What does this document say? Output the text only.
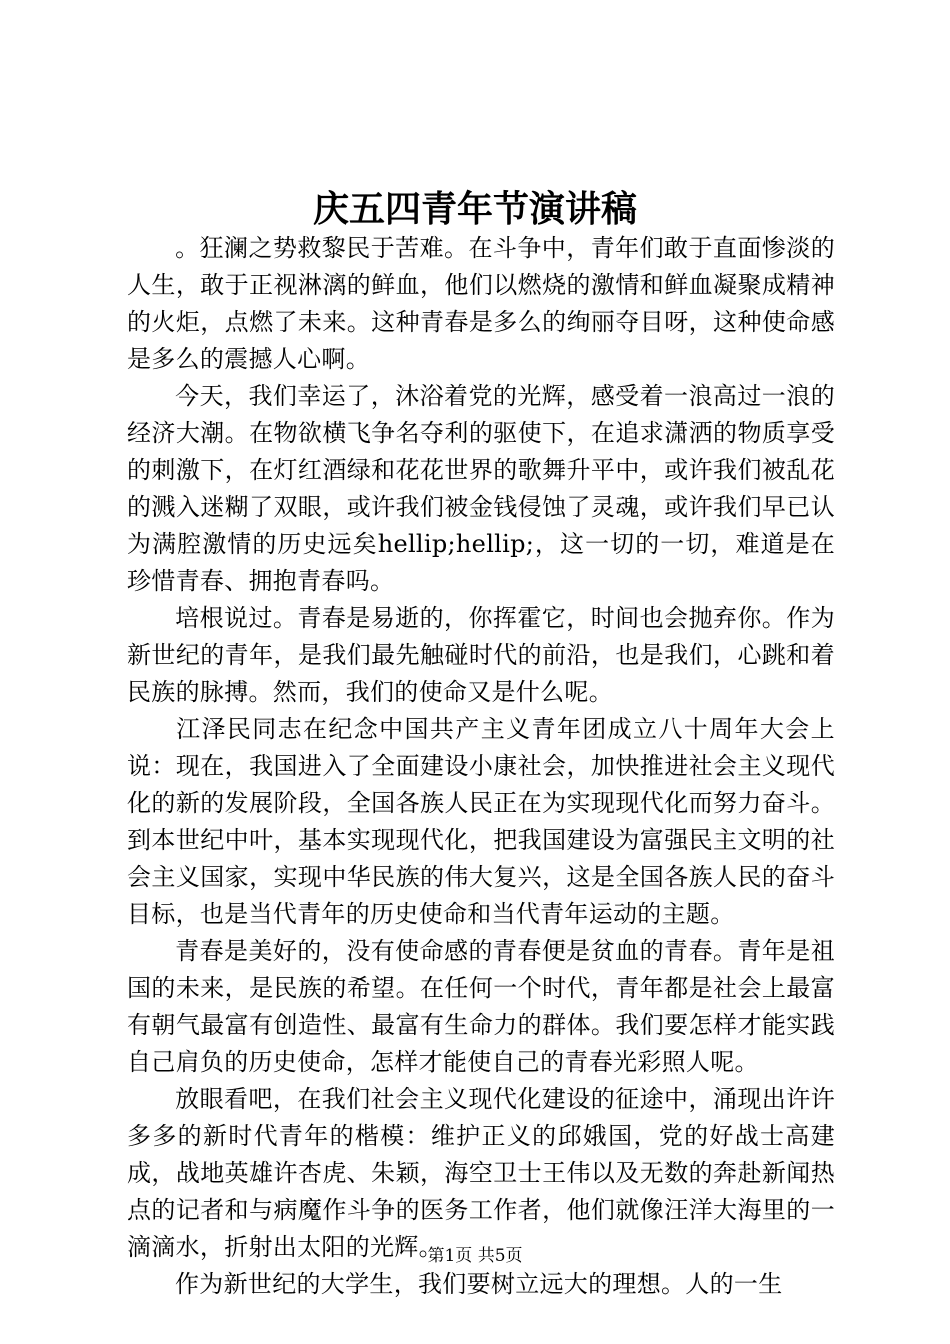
庆五四青年节演讲稿

。狂澜之势救黎民于苦难。在斗争中，青年们敢于直面惨淡的人生，敢于正视淋漓的鲜血，他们以燃烧的激情和鲜血凝聚成精神的火炬，点燃了未来。这种青春是多么的绚丽夺目呀，这种使命感是多么的震撼人心啊。

今天，我们幸运了，沐浴着党的光辉，感受着一浪高过一浪的经济大潮。在物欲横飞争名夺利的驱使下，在追求潇洒的物质享受的刺激下，在灯红酒绿和花花世界的歌舞升平中，或许我们被乱花的溅入迷糊了双眼，或许我们被金钱侵蚀了灵魂，或许我们早已认为满腔激情的历史远矣hellip;hellip;，这一切的一切，难道是在珍惜青春、拥抱青春吗。

培根说过。青春是易逝的，你挥霍它，时间也会抛弃你。作为新世纪的青年，是我们最先触碰时代的前沿，也是我们，心跳和着民族的脉搏。然而，我们的使命又是什么呢。

江泽民同志在纪念中国共产主义青年团成立八十周年大会上说：现在，我国进入了全面建设小康社会，加快推进社会主义现代化的新的发展阶段，全国各族人民正在为实现现代化而努力奋斗。到本世纪中叶，基本实现现代化，把我国建设为富强民主文明的社会主义国家，实现中华民族的伟大复兴，这是全国各族人民的奋斗目标，也是当代青年的历史使命和当代青年运动的主题。

青春是美好的，没有使命感的青春便是贫血的青春。青年是祖国的未来，是民族的希望。在任何一个时代，青年都是社会上最富有朝气最富有创造性、最富有生命力的群体。我们要怎样才能实践自己肩负的历史使命，怎样才能使自己的青春光彩照人呢。

放眼看吧，在我们社会主义现代化建设的征途中，涌现出许许多多的新时代青年的楷模：维护正义的邱娥国，党的好战士高建成，战地英雄许杏虎、朱颖，海空卫士王伟以及无数的奔赴新闻热点的记者和与病魔作斗争的医务工作者，他们就像汪洋大海里的一滴滴水，折射出太阳的光辉。

作为新世纪的大学生，我们要树立远大的理想。人的一生

第1页 共5页
